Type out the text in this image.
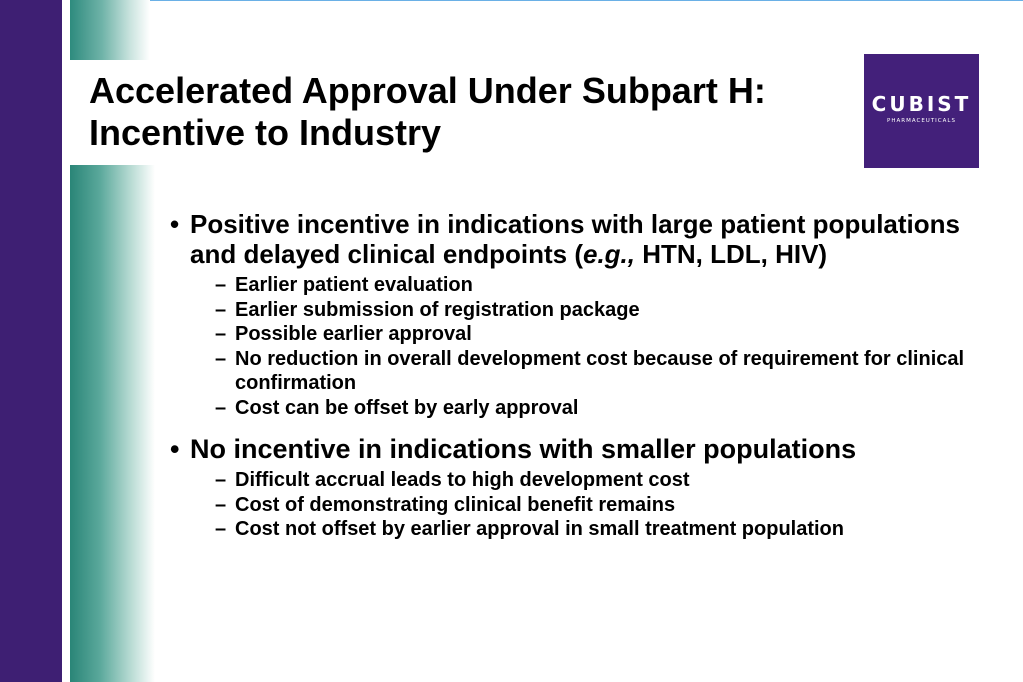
Accelerated Approval Under Subpart H:
Incentive to Industry
CUBIST
PHARMACEUTICALS
• Positive incentive in indications with large patient populations and delayed clinical endpoints (e.g., HTN, LDL, HIV)
– Earlier patient evaluation
– Earlier submission of registration package
– Possible earlier approval
– No reduction in overall development cost because of requirement for clinical confirmation
– Cost can be offset by early approval
• No incentive in indications with smaller populations
– Difficult accrual leads to high development cost
– Cost of demonstrating clinical benefit remains
– Cost not offset by earlier approval in small treatment population
